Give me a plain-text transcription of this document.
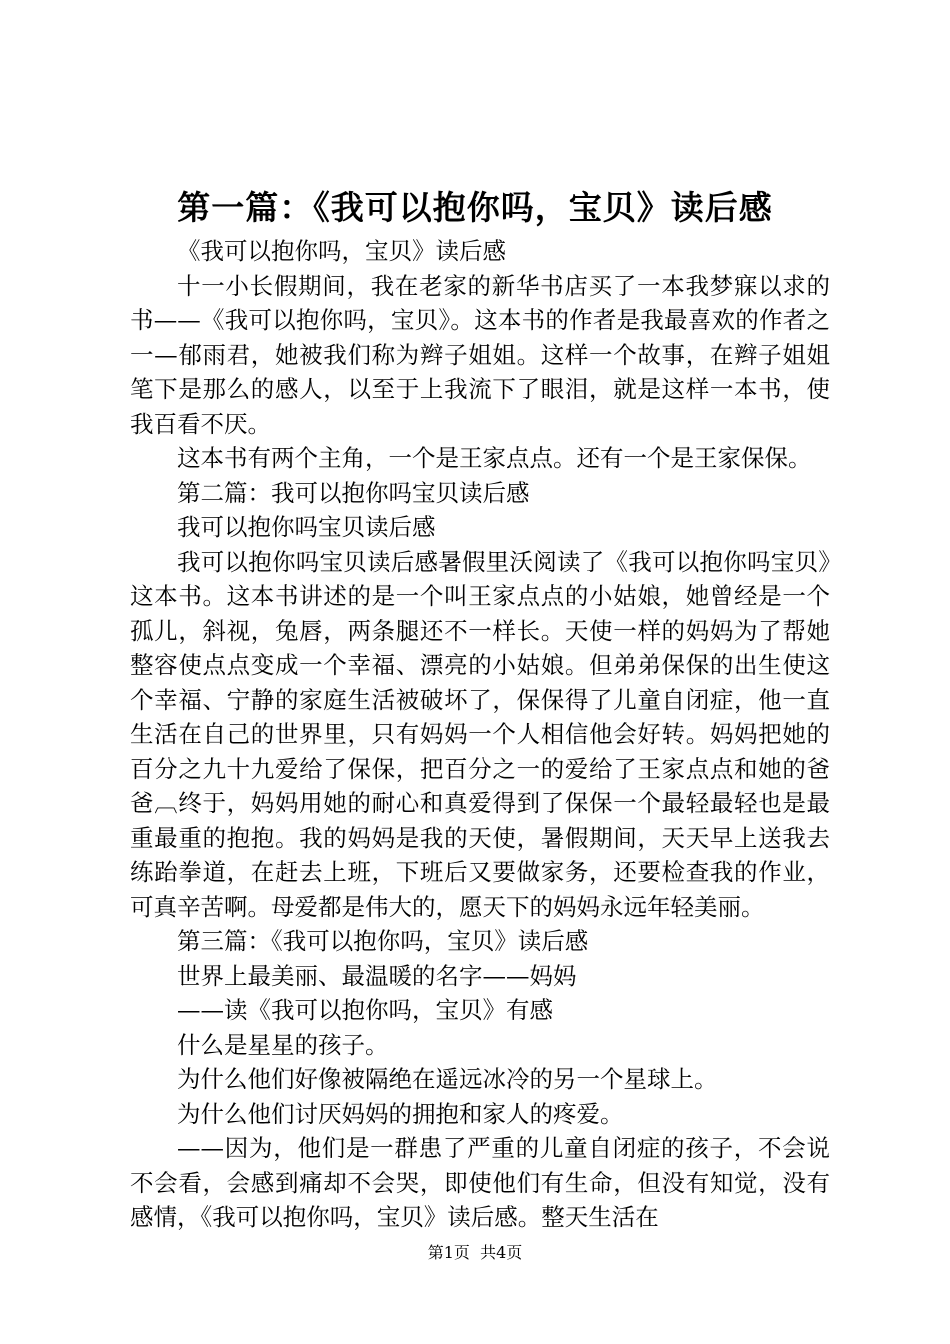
第一篇：《我可以抱你吗，宝贝》读后感

《我可以抱你吗，宝贝》读后感

十一小长假期间，我在老家的新华书店买了一本我梦寐以求的书——《我可以抱你吗，宝贝》。这本书的作者是我最喜欢的作者之一—郁雨君，她被我们称为辫子姐姐。这样一个故事，在辫子姐姐笔下是那么的感人，以至于上我流下了眼泪，就是这样一本书，使我百看不厌。

这本书有两个主角，一个是王家点点。还有一个是王家保保。

第二篇：我可以抱你吗宝贝读后感

我可以抱你吗宝贝读后感

我可以抱你吗宝贝读后感暑假里沃阅读了《我可以抱你吗宝贝》这本书。这本书讲述的是一个叫王家点点的小姑娘，她曾经是一个孤儿，斜视，兔唇，两条腿还不一样长。天使一样的妈妈为了帮她整容使点点变成一个幸福、漂亮的小姑娘。但弟弟保保的出生使这个幸福、宁静的家庭生活被破坏了，保保得了儿童自闭症，他一直生活在自己的世界里，只有妈妈一个人相信他会好转。妈妈把她的百分之九十九爱给了保保，把百分之一的爱给了王家点点和她的爸爸︹终于，妈妈用她的耐心和真爱得到了保保一个最轻最轻也是最重最重的抱抱。我的妈妈是我的天使，暑假期间，天天早上送我去练跆拳道，在赶去上班，下班后又要做家务，还要检查我的作业，可真辛苦啊。母爱都是伟大的，愿天下的妈妈永远年轻美丽。

第三篇：《我可以抱你吗，宝贝》读后感

世界上最美丽、最温暖的名字——妈妈

——读《我可以抱你吗，宝贝》有感

什么是星星的孩子。

为什么他们好像被隔绝在遥远冰冷的另一个星球上。

为什么他们讨厌妈妈的拥抱和家人的疼爱。

——因为，他们是一群患了严重的儿童自闭症的孩子，不会说不会看，会感到痛却不会哭，即使他们有生命，但没有知觉，没有感情，《我可以抱你吗，宝贝》读后感。整天生活在

第1页 共4页
